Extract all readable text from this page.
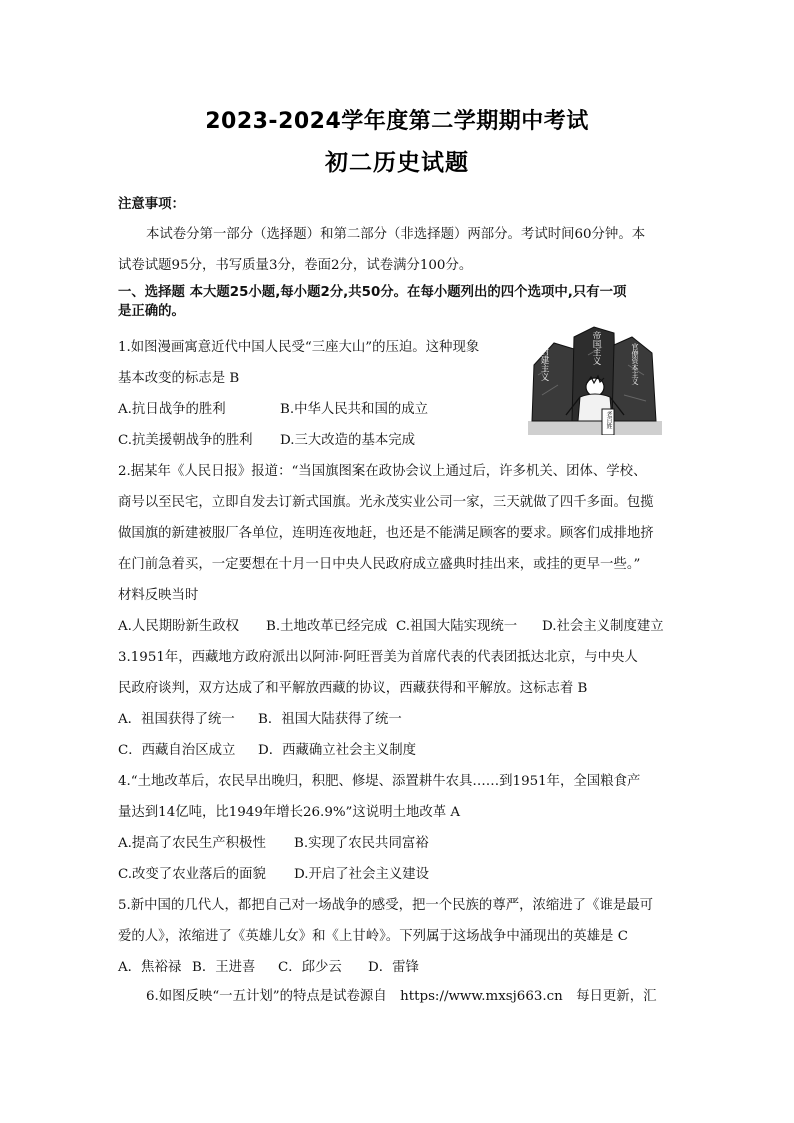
2023-2024学年度第二学期期中考试
初二历史试题
注意事项：
本试卷分第一部分（选择题）和第二部分（非选择题）两部分。考试时间60分钟。本
试卷试题95分，书写质量3分，卷面2分，试卷满分100分。
一、选择题 本大题25小题,每小题2分,共50分。在每小题列出的四个选项中,只有一项
是正确的。
1.如图漫画寓意近代中国人民受“三座大山”的压迫。这种现象
基本改变的标志是 B
A.抗日战争的胜利	B.中华人民共和国的成立
C.抗美援朝战争的胜利 D.三大改造的基本完成
封建主义	帝国主义	官僚资本主义
老百姓
2.据某年《人民日报》报道：“当国旗图案在政协会议上通过后，许多机关、团体、学校、
商号以至民宅，立即自发去订新式国旗。光永茂实业公司一家，三天就做了四千多面。包揽
做国旗的新建被服厂各单位，连明连夜地赶，也还是不能满足顾客的要求。顾客们成排地挤
在门前急着买，一定要想在十月一日中央人民政府成立盛典时挂出来，或挂的更早一些。”
材料反映当时
A.人民期盼新生政权 B.土地改革已经完成 C.祖国大陆实现统一 D.社会主义制度建立
3.1951年，西藏地方政府派出以阿沛·阿旺晋美为首席代表的代表团抵达北京，与中央人
民政府谈判，双方达成了和平解放西藏的协议，西藏获得和平解放。这标志着 B
A．祖国获得了统一 B．祖国大陆获得了统一
C．西藏自治区成立 D．西藏确立社会主义制度
4.“土地改革后，农民早出晚归，积肥、修堤、添置耕牛农具……到1951年，全国粮食产
量达到14亿吨，比1949年增长26.9%”这说明土地改革 A
A.提高了农民生产积极性 B.实现了农民共同富裕
C.改变了农业落后的面貌 D.开启了社会主义建设
5.新中国的几代人，都把自己对一场战争的感受，把一个民族的尊严，浓缩进了《谁是最可
爱的人》，浓缩进了《英雄儿女》和《上甘岭》。下列属于这场战争中涌现出的英雄是 C
A．焦裕禄 B．王进喜 C．邱少云 D．雷锋
6.如图反映“一五计划”的特点是试卷源自　https://www.mxsj663.cn　每日更新，汇
